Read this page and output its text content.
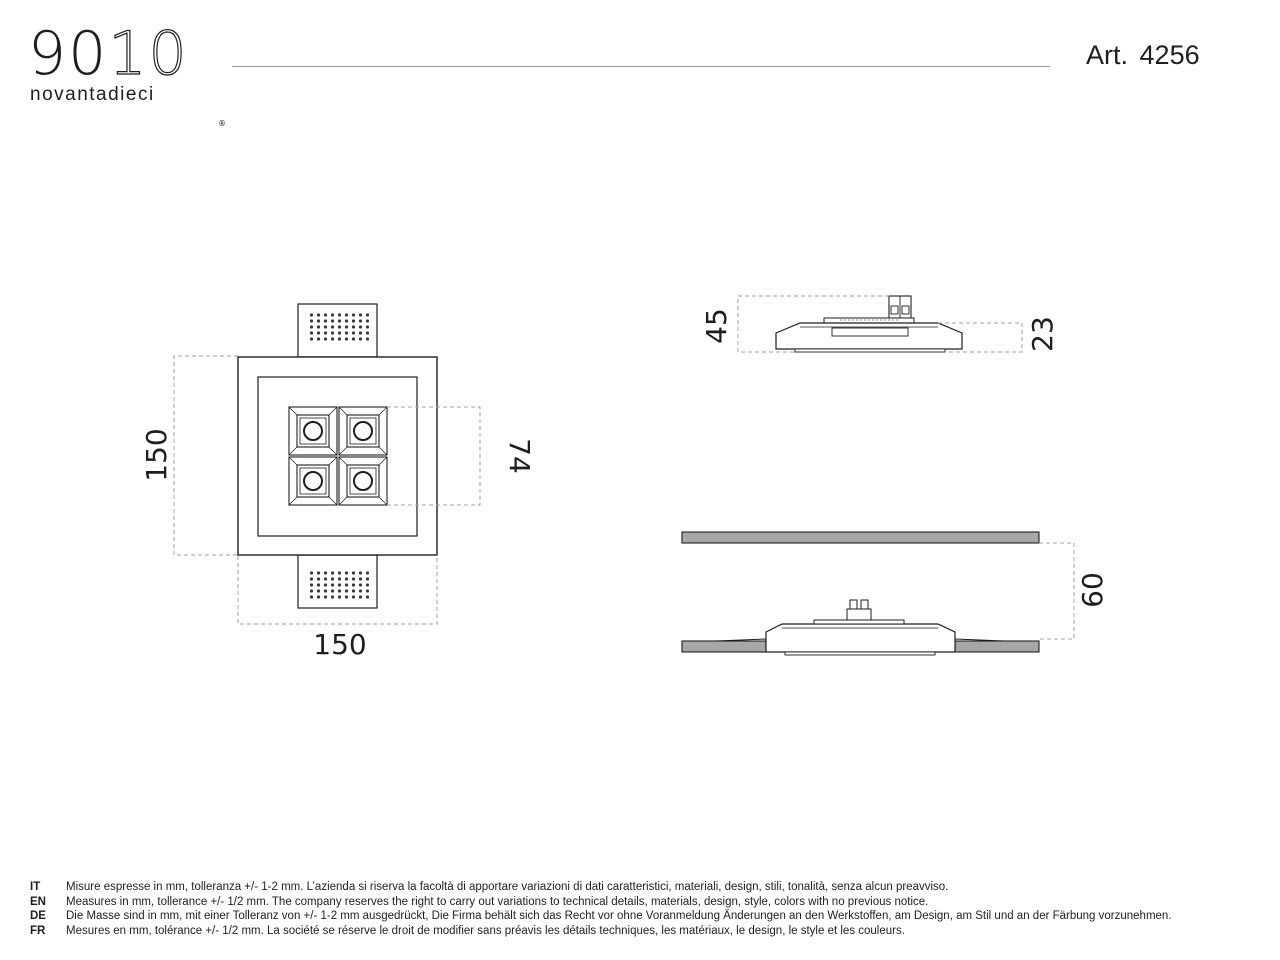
9010
novantadieci
®
Art. 4256
150
150
74
45	23
60
IT	Misure espresse in mm, tolleranza +/- 1-2 mm. L’azienda si riserva la facoltà di apportare variazioni di dati caratteristici, materiali, design, stili, tonalità, senza alcun preavviso.
EN	Measures in mm, tollerance +/- 1/2 mm. The company reserves the right to carry out variations to technical details, materials, design, style, colors with no previous notice.
DE	Die Masse sind in mm, mit einer Tolleranz von +/- 1-2 mm ausgedrückt, Die Firma behält sich das Recht vor ohne Voranmeldung Änderungen an den Werkstoffen, am Design, am Stil und an der Färbung vorzunehmen.
FR	Mesures en mm, tolérance +/- 1/2 mm. La société se réserve le droit de modifier sans préavis les détails techniques, les matériaux, le design, le style et les couleurs.
